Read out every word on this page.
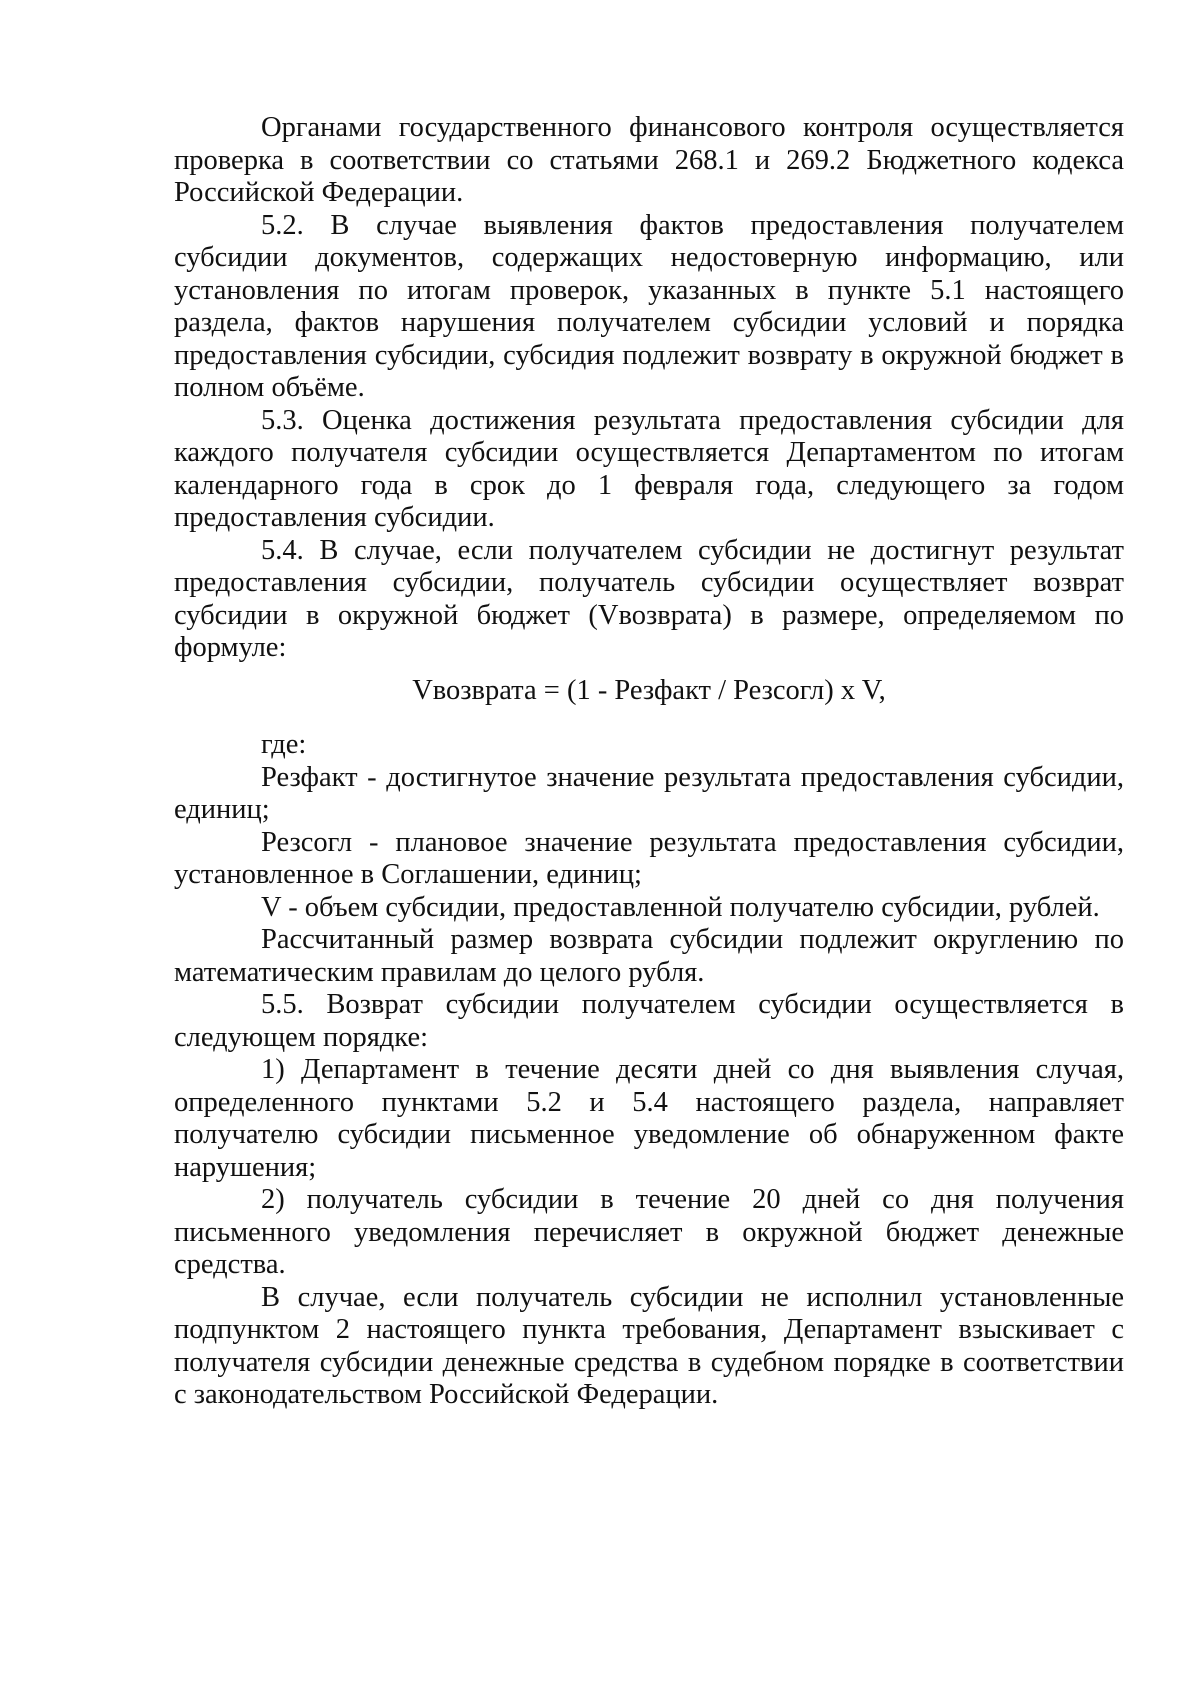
Органами государственного финансового контроля осуществляется проверка в соответствии со статьями 268.1 и 269.2 Бюджетного кодекса Российской Федерации.

5.2. В случае выявления фактов предоставления получателем субсидии документов, содержащих недостоверную информацию, или установления по итогам проверок, указанных в пункте 5.1 настоящего раздела, фактов нарушения получателем субсидии условий и порядка предоставления субсидии, субсидия подлежит возврату в окружной бюджет в полном объёме.

5.3. Оценка достижения результата предоставления субсидии для каждого получателя субсидии осуществляется Департаментом по итогам календарного года в срок до 1 февраля года, следующего за годом предоставления субсидии.

5.4. В случае, если получателем субсидии не достигнут результат предоставления субсидии, получатель субсидии осуществляет возврат субсидии в окружной бюджет (Vвозврата) в размере, определяемом по формуле:

Vвозврата = (1 - Резфакт / Резсогл) x V,

где:

Резфакт - достигнутое значение результата предоставления субсидии, единиц;

Резсогл - плановое значение результата предоставления субсидии, установленное в Соглашении, единиц;

V - объем субсидии, предоставленной получателю субсидии, рублей.

Рассчитанный размер возврата субсидии подлежит округлению по математическим правилам до целого рубля.

5.5. Возврат субсидии получателем субсидии осуществляется в следующем порядке:

1) Департамент в течение десяти дней со дня выявления случая, определенного пунктами 5.2 и 5.4 настоящего раздела, направляет получателю субсидии письменное уведомление об обнаруженном факте нарушения;

2) получатель субсидии в течение 20 дней со дня получения письменного уведомления перечисляет в окружной бюджет денежные средства.

В случае, если получатель субсидии не исполнил установленные подпунктом 2 настоящего пункта требования, Департамент взыскивает с получателя субсидии денежные средства в судебном порядке в соответствии с законодательством Российской Федерации.
